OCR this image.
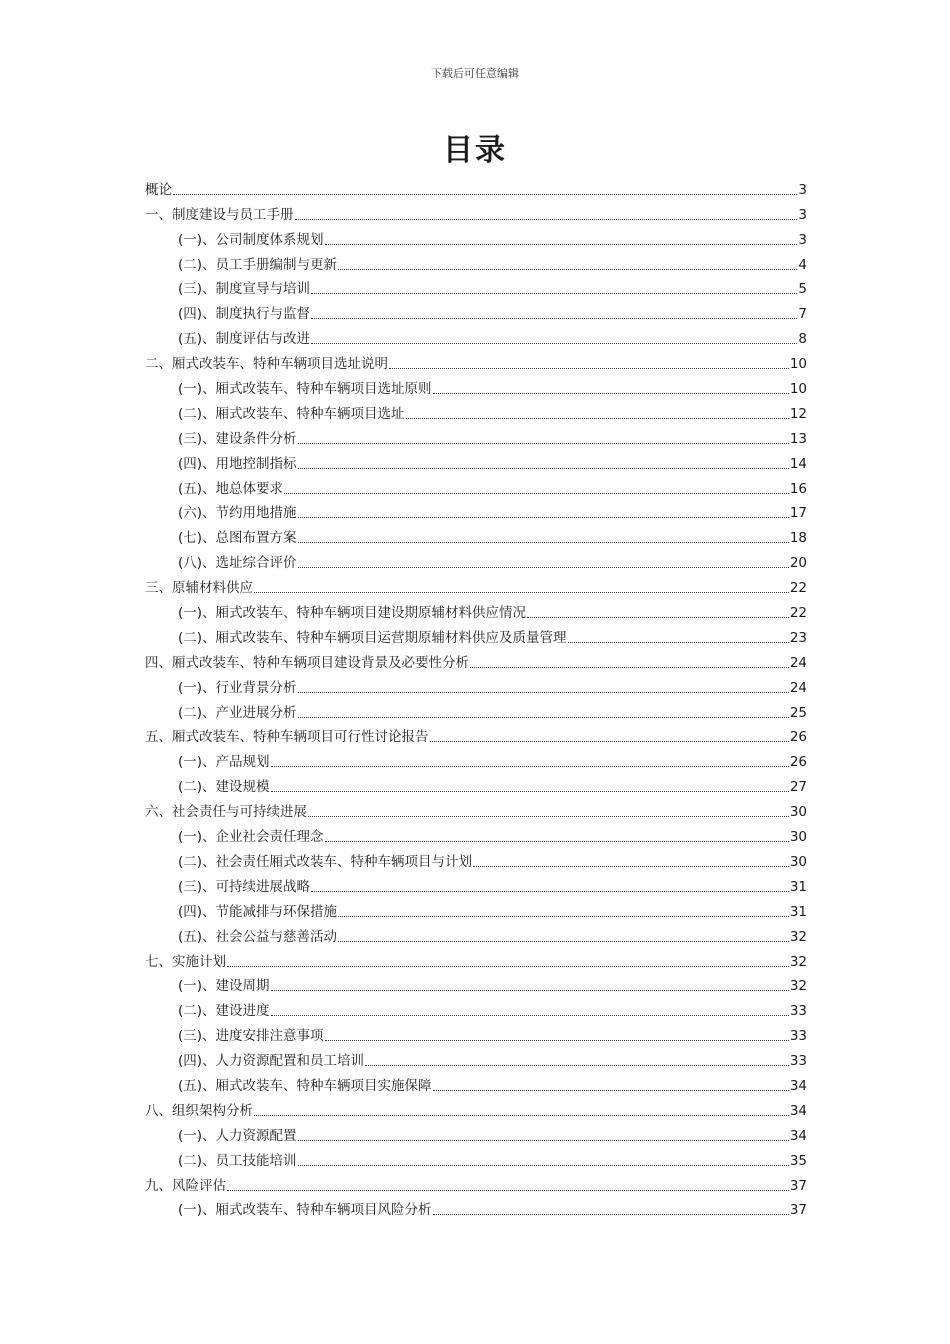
下载后可任意编辑
目录
概论	3
一、制度建设与员工手册	3
(一)、公司制度体系规划	3
(二)、员工手册编制与更新	4
(三)、制度宣导与培训	5
(四)、制度执行与监督	7
(五)、制度评估与改进	8
二、厢式改装车、特种车辆项目选址说明	10
(一)、厢式改装车、特种车辆项目选址原则	10
(二)、厢式改装车、特种车辆项目选址	12
(三)、建设条件分析	13
(四)、用地控制指标	14
(五)、地总体要求	16
(六)、节约用地措施	17
(七)、总图布置方案	18
(八)、选址综合评价	20
三、原辅材料供应	22
(一)、厢式改装车、特种车辆项目建设期原辅材料供应情况	22
(二)、厢式改装车、特种车辆项目运营期原辅材料供应及质量管理	23
四、厢式改装车、特种车辆项目建设背景及必要性分析	24
(一)、行业背景分析	24
(二)、产业进展分析	25
五、厢式改装车、特种车辆项目可行性讨论报告	26
(一)、产品规划	26
(二)、建设规模	27
六、社会责任与可持续进展	30
(一)、企业社会责任理念	30
(二)、社会责任厢式改装车、特种车辆项目与计划	30
(三)、可持续进展战略	31
(四)、节能减排与环保措施	31
(五)、社会公益与慈善活动	32
七、实施计划	32
(一)、建设周期	32
(二)、建设进度	33
(三)、进度安排注意事项	33
(四)、人力资源配置和员工培训	33
(五)、厢式改装车、特种车辆项目实施保障	34
八、组织架构分析	34
(一)、人力资源配置	34
(二)、员工技能培训	35
九、风险评估	37
(一)、厢式改装车、特种车辆项目风险分析	37
